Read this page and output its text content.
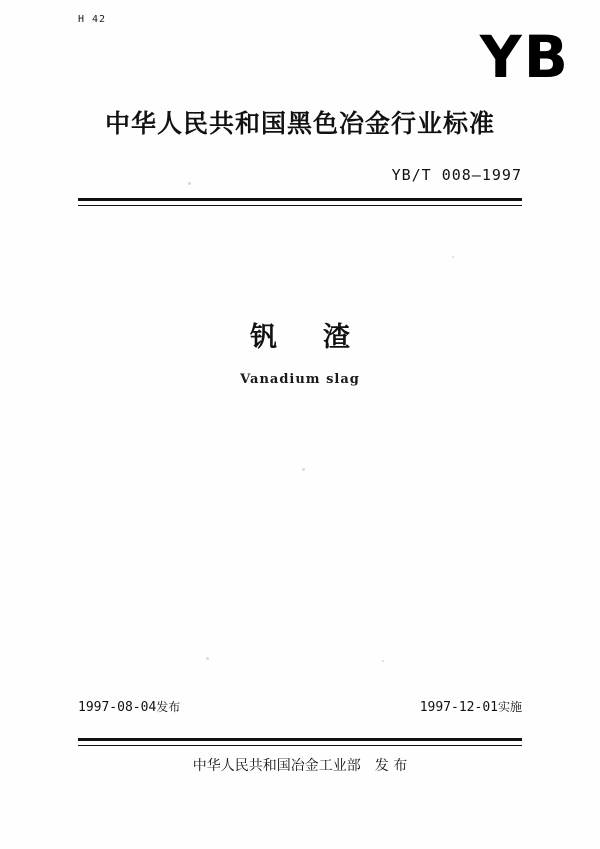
H 42
YB
中华人民共和国黑色冶金行业标准
YB/T 008—1997
钒 渣
Vanadium slag
1997-08-04发布	1997-12-01实施
中华人民共和国冶金工业部 发 布
